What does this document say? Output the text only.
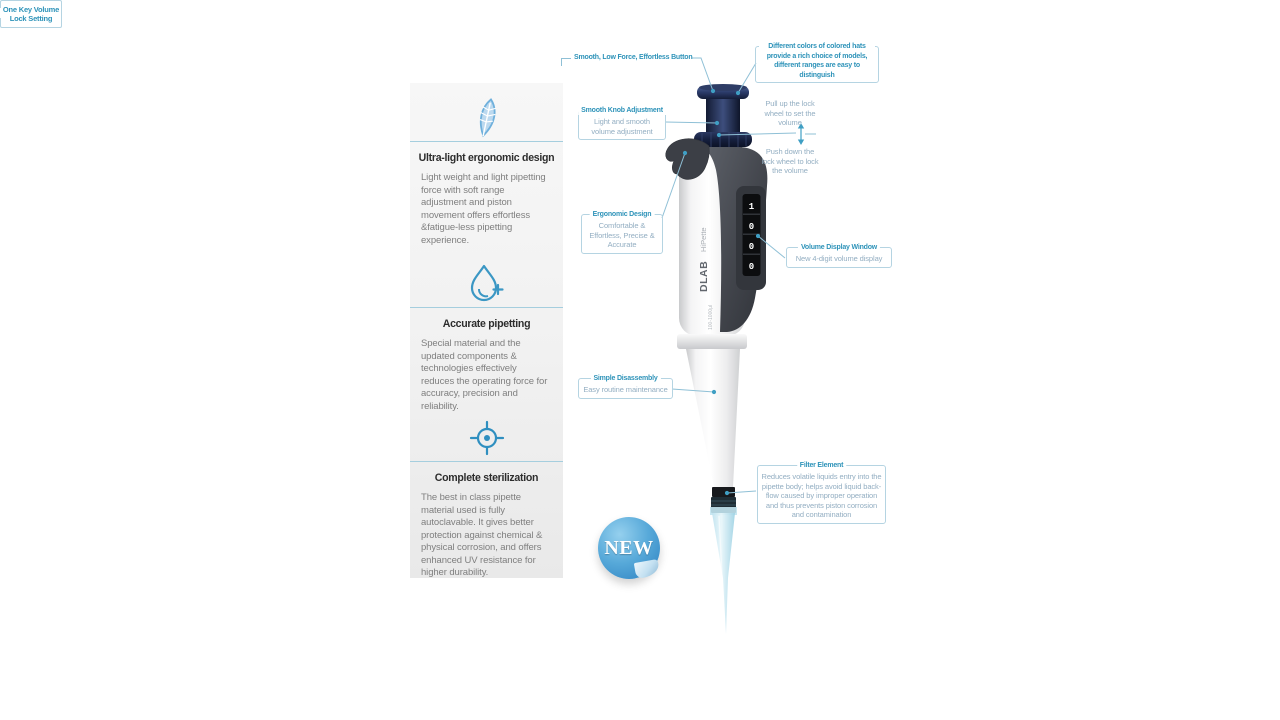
Ultra-light ergonomic design
Light weight and light pipetting force with soft range adjustment and piston movement offers effortless &fatigue-less pipetting experience.
Accurate pipetting
Special material and the updated components & technologies effectively reduces the operating force for accuracy, precision and reliability.
Complete sterilization
The best in class pipette material used is fully autoclavable. It gives better protection against chemical & physical corrosion, and offers enhanced UV resistance for higher durability.
1
0
0
0
DLAB
HiPette
100-1000μl
Smooth, Low Force, Effortless Button
Different colors of colored hats provide a rich choice of models, different ranges are easy to distinguish
Smooth Knob Adjustment
Light and smooth volume adjustment
Pull up the lock wheel to set the volume
Push down the lock wheel to lock the volume
One Key Volume Lock Setting
Ergonomic Design
Comfortable & Effortless, Precise & Accurate	Volume Display Window
New 4-digit volume display
Simple Disassembly
Easy routine maintenance
Filter Element
Reduces volatile liquids entry into the pipette body; helps avoid liquid back-flow caused by improper operation and thus prevents piston corrosion and contamination
NEW
